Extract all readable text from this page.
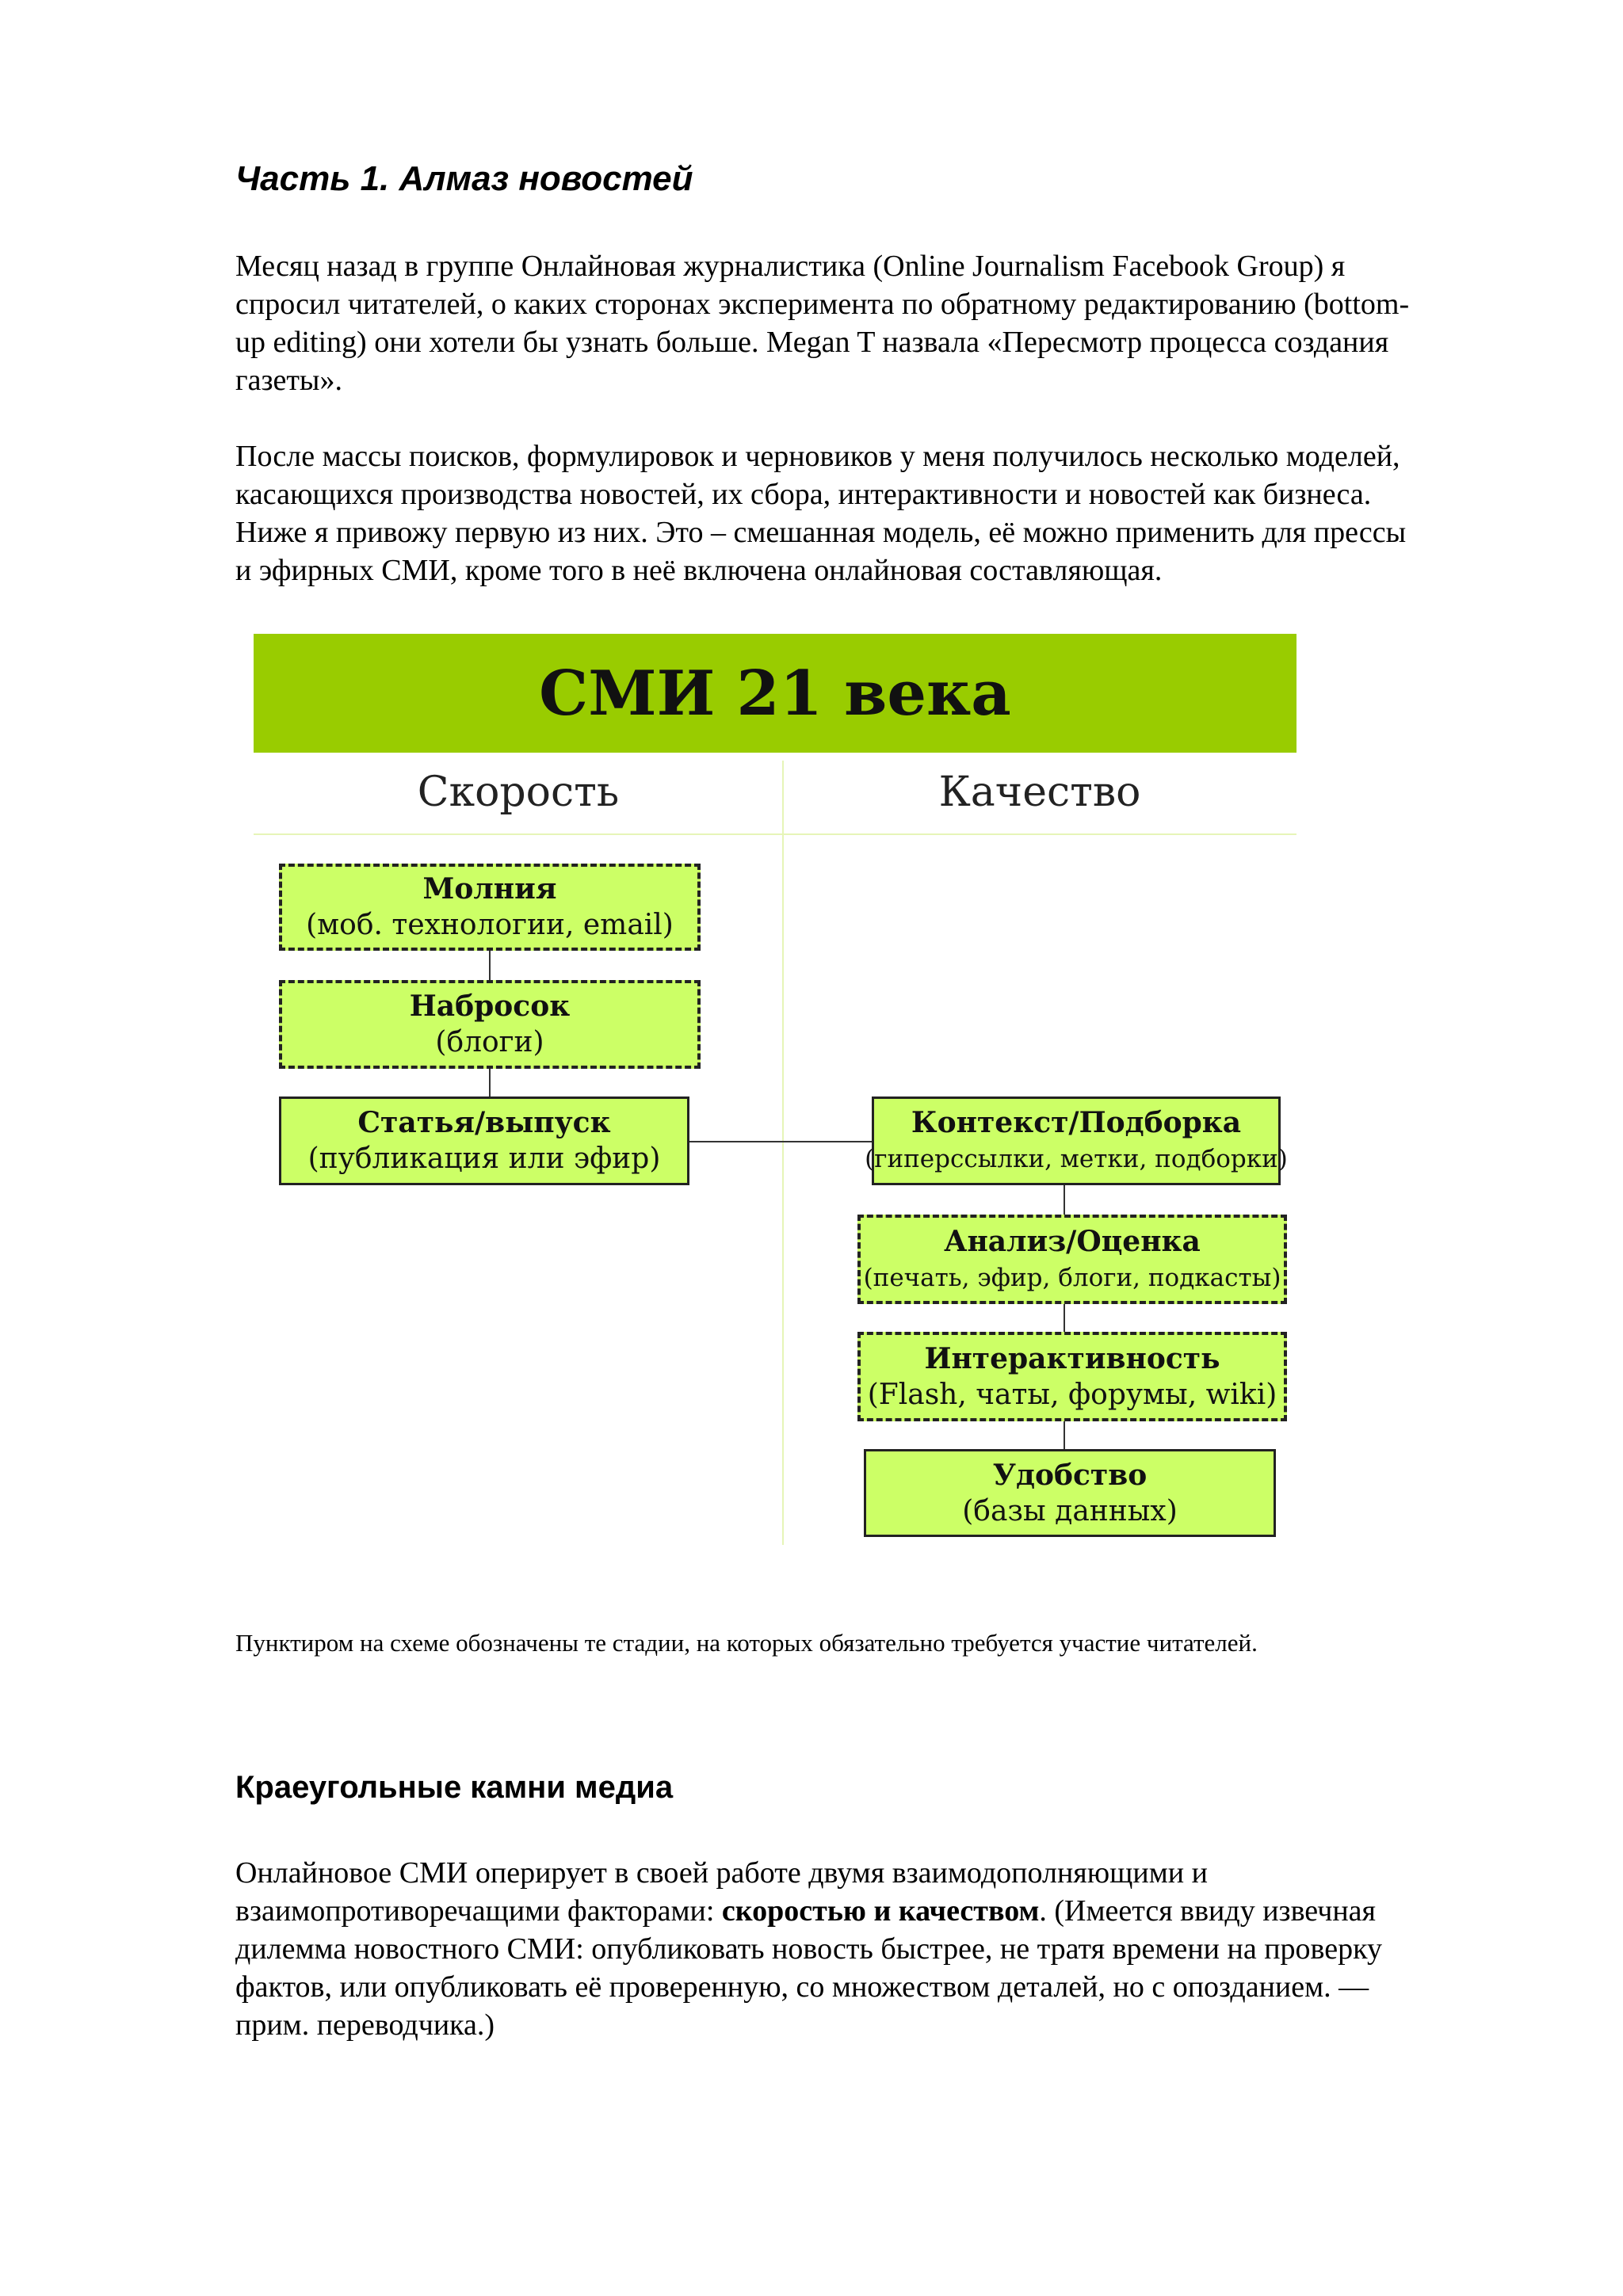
Часть 1. Алмаз новостей

Месяц назад в группе Онлайновая журналистика (Online Journalism Facebook Group) я
спросил читателей, о каких сторонах эксперимента по обратному редактированию (bottom-
up editing) они хотели бы узнать больше. Megan T назвала «Пересмотр процесса создания
газеты».

После массы поисков, формулировок и черновиков у меня получилось несколько моделей,
касающихся производства новостей, их сбора, интерактивности и новостей как бизнеса.
Ниже я привожу первую из них. Это – смешанная модель, её можно применить для прессы
и эфирных СМИ, кроме того в неё включена онлайновая составляющая.

СМИ 21 века
Скорость	Качество
Молния
(моб. технологии, email)
Набросок
(блоги)
Статья/выпуск
(публикация или эфир)
Контекст/Подборка
(гиперссылки, метки, подборки)
Анализ/Оценка
(печать, эфир, блоги, подкасты)
Интерактивность
(Flash, чаты, форумы, wiki)
Удобство
(базы данных)

Пунктиром на схеме обозначены те стадии, на которых обязательно требуется участие читателей.

Краеугольные камни медиа

Онлайновое СМИ оперирует в своей работе двумя взаимодополняющими и
взаимопротиворечащими факторами: скоростью и качеством. (Имеется ввиду извечная
дилемма новостного СМИ: опубликовать новость быстрее, не тратя времени на проверку
фактов, или опубликовать её проверенную, со множеством деталей, но с опозданием. —
прим. переводчика.)
